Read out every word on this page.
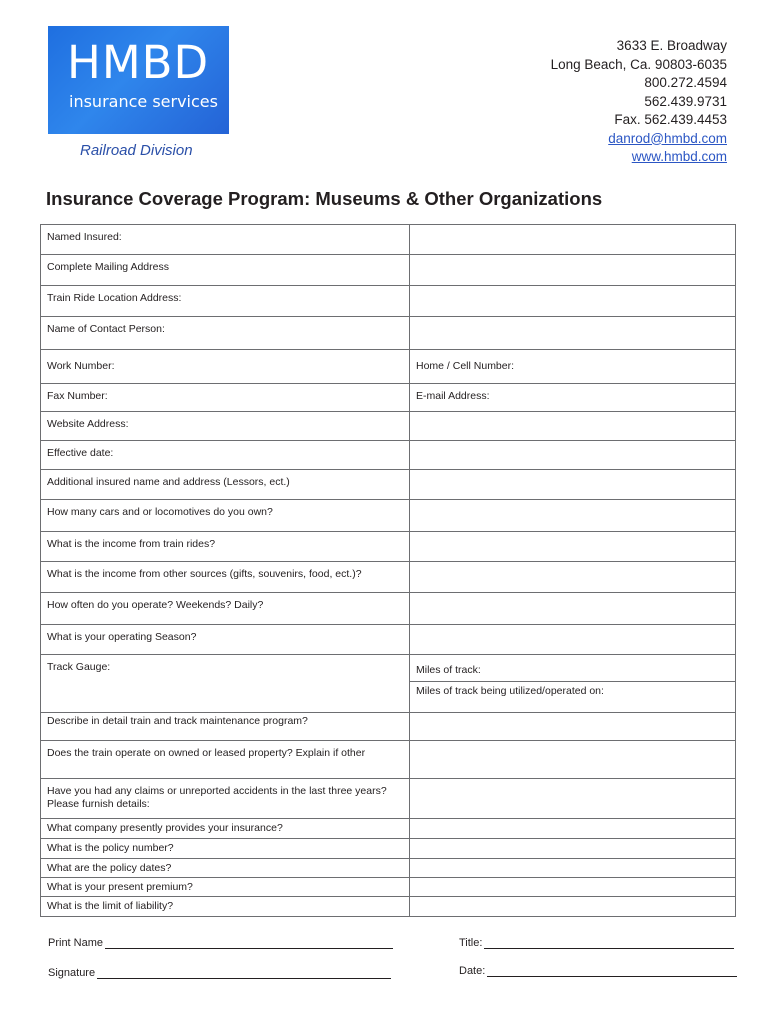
HMBD
insurance services
Railroad Division
3633 E. Broadway
Long Beach, Ca. 90803-6035
800.272.4594
562.439.9731
Fax. 562.439.4453
danrod@hmbd.com
www.hmbd.com
Insurance Coverage Program: Museums & Other Organizations
Named Insured:	
Complete Mailing Address	
Train Ride Location Address:	
Name of Contact Person:	
Work Number:	Home / Cell Number:
Fax Number:	E-mail Address:
Website Address:	
Effective date:	
Additional insured name and address (Lessors, ect.)	
How many cars and or locomotives do you own?	
What is the income from train rides?	
What is the income from other sources (gifts, souvenirs, food, ect.)?	
How often do you operate? Weekends? Daily?	
What is your operating Season?	
Track Gauge:	Miles of track:
	Miles of track being utilized/operated on:
Describe in detail train and track maintenance program?	
Does the train operate on owned or leased property? Explain if other	
Have you had any claims or unreported accidents in the last three years? Please furnish details:	
What company presently provides your insurance?	
What is the policy number?	
What are the policy dates?	
What is your present premium?	
What is the limit of liability?	
Print Name	Title:
Signature	Date:
